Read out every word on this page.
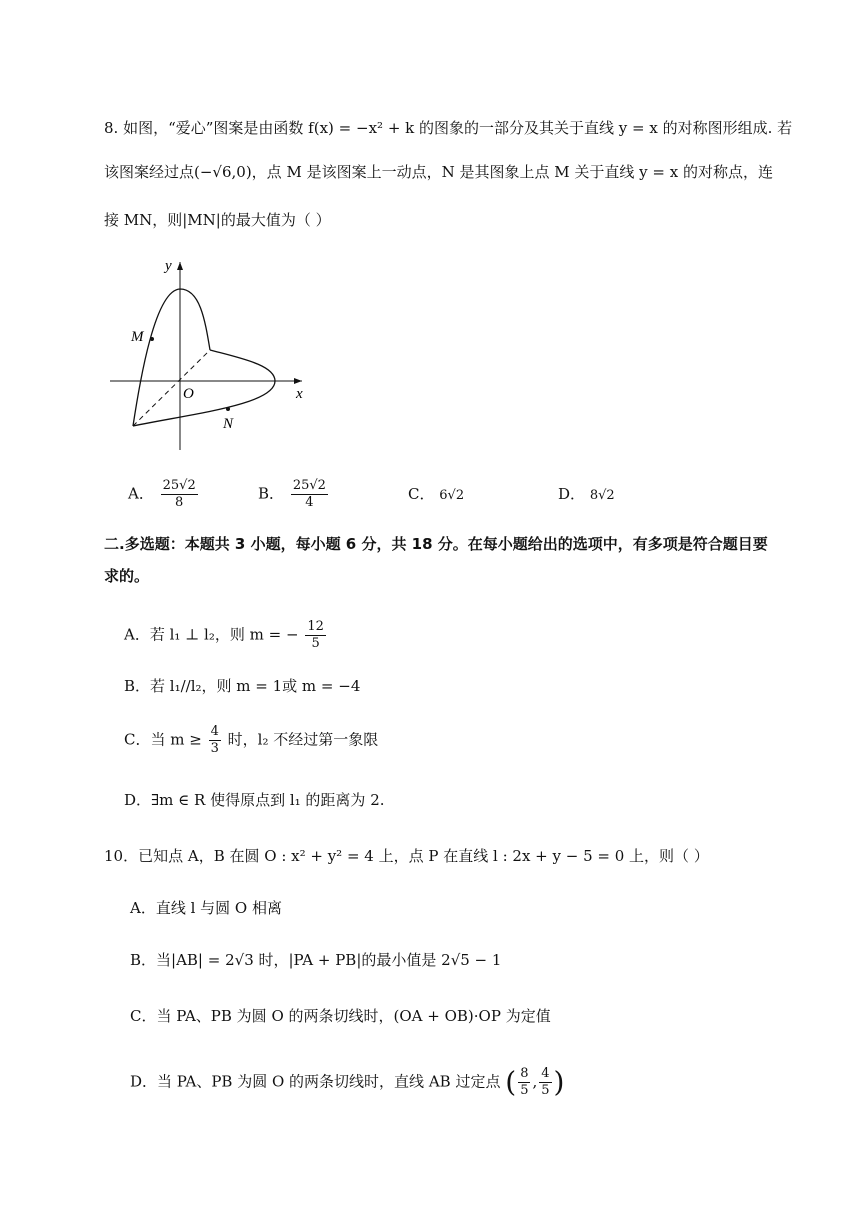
8. 如图，“爱心”图案是由函数 f(x) = −x² + k 的图象的一部分及其关于直线 y = x 的对称图形组成. 若
该图案经过点(−√6,0)，点 M 是该图案上一动点，N 是其图象上点 M 关于直线 y = x 的对称点，连
接 MN，则|MN|的最大值为（ ）
y
x
O
M
N
A． $\frac{25√2}{8}$	B． $\frac{25√2}{4}$	C． 6√2	D． 8√2
二.多选题：本题共 3 小题，每小题 6 分，共 18 分。在每小题给出的选项中，有多项是符合题目要
求的。
A．若 l₁ ⊥ l₂，则 m = − $\frac{12}{5}$
B．若 l₁//l₂，则 m = 1或 m = −4
C．当 $m \ge \frac{4}{3}$ 时，l₂ 不经过第一象限
D．∃m ∈ R 使得原点到 l₁ 的距离为 2.
10．已知点 A，B 在圆 O : x² + y² = 4 上，点 P 在直线 l : 2x + y − 5 = 0 上，则（ ）
A．直线 l 与圆 O 相离
B．当|AB| = 2√3 时，|PA + PB|的最小值是 2√5 − 1
C．当 PA、PB 为圆 O 的两条切线时，(OA + OB)·OP 为定值
D．当 PA、PB 为圆 O 的两条切线时，直线 AB 过定点 ( $\frac{8}{5}$ , $\frac{4}{5}$ )
